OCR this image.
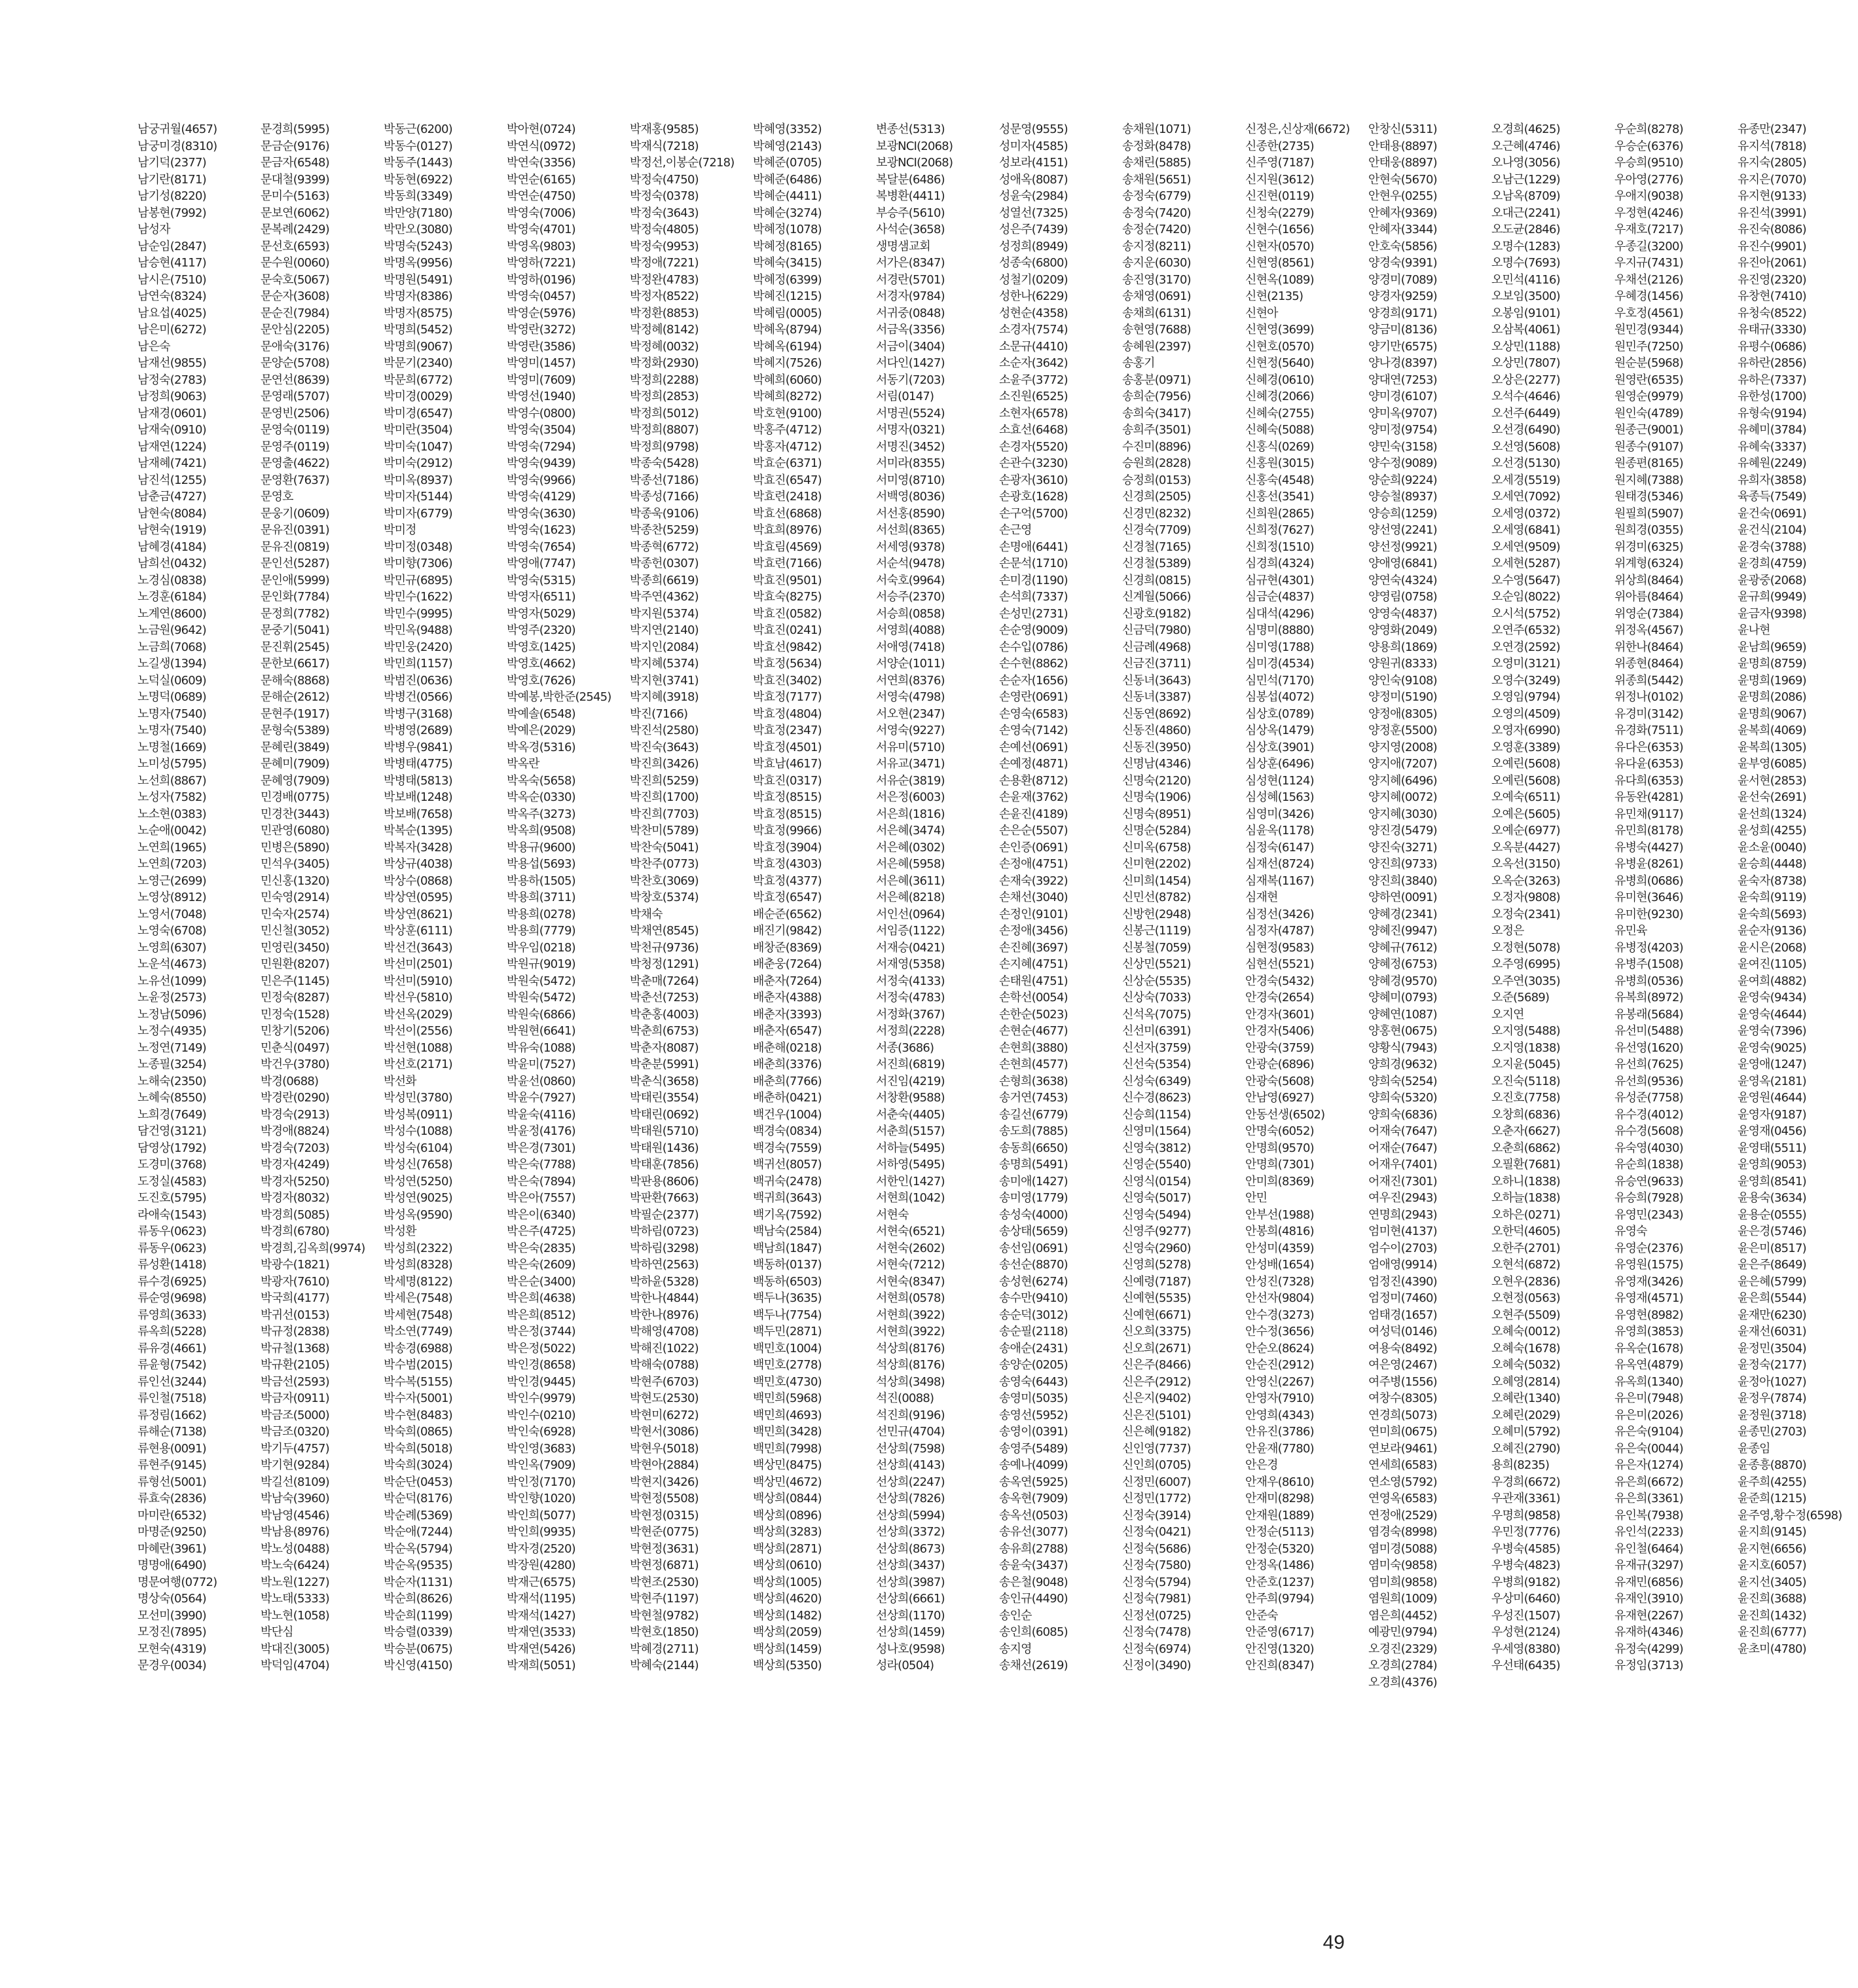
남궁귀월(4657)
남궁미경(8310)
남기덕(2377)
남기란(8171)
남기성(8220)
남봉현(7992)
남성자
남순임(2847)
남승현(4117)
남시은(7510)
남연숙(8324)
남요섭(4025)
남은미(6272)
남은숙
남재선(9855)
남정숙(2783)
남정희(9063)
남재경(0601)
남재숙(0910)
남재연(1224)
남재혜(7421)
남진석(1255)
남춘금(4727)
남현숙(8084)
남현숙(1919)
남혜경(4184)
남희선(0432)
노경심(0838)
노경훈(6184)
노계연(8600)
노금원(9642)
노금희(7068)
노길생(1394)
노덕실(0609)
노명덕(0689)
노명자(7540)
노명자(7540)
노명철(1669)
노미성(5795)
노선희(8867)
노성자(7582)
노소현(0383)
노순애(0042)
노연희(1965)
노연희(7203)
노영근(2699)
노영상(8912)
노영서(7048)
노영숙(6708)
노영희(6307)
노운석(4673)
노유선(1099)
노윤정(2573)
노정남(5096)
노정수(4935)
노정연(7149)
노종필(3254)
노해숙(2350)
노혜숙(8550)
노희경(7649)
담건영(3121)
담영상(1792)
도경미(3768)
도정실(4583)
도진호(5795)
라애숙(1543)
류동우(0623)
류동우(0623)
류성환(1418)
류수경(6925)
류순영(9698)
류영희(3633)
류옥희(5228)
류유경(4661)
류윤형(7542)
류인선(3244)
류인철(7518)
류정림(1662)
류해순(7138)
류현용(0091)
류현주(9145)
류형선(5001)
류효숙(2836)
마미란(6532)
마명준(9250)
마혜란(3961)
명명애(6490)
명문여행(0772)
명상숙(0564)
모선미(3990)
모정진(7895)
모현숙(4319)
문경우(0034)
문경희(5995)
문금순(9176)
문금자(6548)
문대철(9399)
문미수(5163)
문보연(6062)
문복례(2429)
문선호(6593)
문수원(0060)
문숙호(5067)
문순자(3608)
문순진(7984)
문안심(2205)
문애숙(3176)
문양순(5708)
문연선(8639)
문영래(5707)
문영빈(2506)
문영숙(0119)
문영주(0119)
문영출(4622)
문영환(7637)
문영호
문웅기(0609)
문유진(0391)
문유진(0819)
문인선(5287)
문인애(5999)
문인화(7784)
문정희(7782)
문중기(5041)
문진휘(2545)
문한보(6617)
문해숙(8868)
문해순(2612)
문현주(1917)
문형숙(5389)
문혜린(3849)
문혜미(7909)
문혜영(7909)
민경배(0775)
민경찬(3443)
민관영(6080)
민병은(5890)
민석우(3405)
민신홍(1320)
민숙영(2914)
민숙자(2574)
민신철(3052)
민영린(3450)
민원환(8207)
민은주(1145)
민정숙(8287)
민정숙(1528)
민창기(5206)
민춘식(0497)
박건우(3780)
박경(0688)
박경란(0290)
박경숙(2913)
박경애(8824)
박경숙(7203)
박경자(4249)
박경자(5250)
박경자(8032)
박경희(5085)
박경희(6780)
박경희,김옥희(9974)
박광수(1821)
박광자(7610)
박국희(4177)
박귀선(0153)
박규정(2838)
박규철(1368)
박규환(2105)
박금선(2593)
박금자(0911)
박금조(5000)
박금조(0320)
박기두(4757)
박기현(9284)
박길선(8109)
박남숙(3960)
박남영(4546)
박남용(8976)
박노성(0488)
박노숙(6424)
박노원(1227)
박노태(5333)
박노현(1058)
박단심
박대진(3005)
박덕임(4704)
박동근(6200)
박동수(0127)
박동주(1443)
박동현(6922)
박동희(3349)
박만양(7180)
박만오(3080)
박명숙(5243)
박명옥(9956)
박명원(5491)
박명자(8386)
박명자(8575)
박명희(5452)
박명희(9067)
박문기(2340)
박문희(6772)
박미경(0029)
박미경(6547)
박미란(3504)
박미숙(1047)
박미숙(2912)
박미옥(8937)
박미자(5144)
박미자(6779)
박미정
박미정(0348)
박미향(7306)
박민규(6895)
박민수(1622)
박민수(9995)
박민옥(9488)
박민웅(2420)
박민희(1157)
박범진(0636)
박병건(0566)
박병구(3168)
박병영(2689)
박병우(9841)
박병태(4775)
박병태(5813)
박보배(1248)
박보배(7658)
박복순(1395)
박복자(3428)
박상규(4038)
박상수(0868)
박상연(0595)
박상연(8621)
박상훈(6111)
박선건(3643)
박선미(2501)
박선미(5910)
박선우(5810)
박선옥(2029)
박선이(2556)
박선현(1088)
박선호(2171)
박선화
박성민(3780)
박성복(0911)
박성수(1088)
박성숙(6104)
박성신(7658)
박성연(5250)
박성연(9025)
박성옥(9590)
박성환
박성희(2322)
박성희(8328)
박세명(8122)
박세은(7548)
박세현(7548)
박소연(7749)
박송경(6988)
박수범(2015)
박수복(5155)
박수자(5001)
박수현(8483)
박숙희(0865)
박숙희(5018)
박숙희(3024)
박순단(0453)
박순덕(8176)
박순례(5369)
박순애(7244)
박순옥(5794)
박순옥(9535)
박순자(1131)
박순희(8626)
박순희(1199)
박승렬(0339)
박승분(0675)
박신영(4150)
박아현(0724)
박연식(0972)
박연숙(3356)
박연순(6165)
박연순(4750)
박영숙(7006)
박영숙(4701)
박영옥(9803)
박영하(7221)
박영하(0196)
박영숙(0457)
박영순(5976)
박영란(3272)
박영란(3586)
박영미(1457)
박영미(7609)
박영선(1940)
박영수(0800)
박영숙(3504)
박영숙(7294)
박영숙(9439)
박영숙(9966)
박영숙(4129)
박영숙(3630)
박영숙(1623)
박영숙(7654)
박영애(7747)
박영숙(5315)
박영자(6511)
박영자(5029)
박영주(2320)
박영호(1425)
박영호(4662)
박영호(7626)
박예봉,박한준(2545)
박예솔(6548)
박예은(2029)
박옥경(5316)
박옥란
박옥숙(5658)
박옥순(0330)
박옥주(3273)
박옥희(9508)
박용규(9600)
박용섭(5693)
박용하(1505)
박용희(3711)
박용희(0278)
박용희(7779)
박우임(0218)
박원규(9019)
박원숙(5472)
박원숙(5472)
박원숙(6866)
박원현(6641)
박유숙(1088)
박윤미(7527)
박윤선(0860)
박윤수(7927)
박윤숙(4116)
박윤정(4176)
박은경(7301)
박은숙(7788)
박은숙(7894)
박은아(7557)
박은이(6340)
박은주(4725)
박은숙(2835)
박은숙(2609)
박은순(3400)
박은희(4638)
박은희(8512)
박은정(3744)
박은정(5022)
박인경(8658)
박인경(9445)
박인수(9979)
박인수(0210)
박인숙(6928)
박인영(3683)
박인옥(7909)
박인정(7170)
박인향(1020)
박인희(5077)
박인희(9935)
박자경(2520)
박장원(4280)
박재근(6575)
박재석(1195)
박재석(1427)
박재연(3533)
박재연(5426)
박재희(5051)
박재홍(9585)
박재식(7218)
박정선,이봉순(7218)
박정숙(4750)
박정숙(0378)
박정숙(3643)
박정숙(4805)
박정숙(9953)
박정애(7221)
박정완(4783)
박정자(8522)
박정환(8853)
박정혜(8142)
박정혜(0032)
박정화(2930)
박정희(2288)
박정희(2853)
박정희(5012)
박정희(8807)
박정희(9798)
박종숙(5428)
박종선(7186)
박종성(7166)
박종욱(9106)
박종찬(5259)
박종혁(6772)
박종헌(0307)
박종희(6619)
박주연(4362)
박지원(5374)
박지연(2140)
박지인(2084)
박지혜(5374)
박지현(3741)
박지혜(3918)
박진(7166)
박진석(2580)
박진숙(3643)
박진희(3426)
박진희(5259)
박진희(1700)
박진희(7703)
박찬미(5789)
박찬숙(5041)
박찬주(0773)
박찬호(3069)
박창호(5374)
박채숙
박채연(8545)
박천규(9736)
박청정(1291)
박춘매(7264)
박춘선(7253)
박춘홍(4003)
박춘희(6753)
박춘자(8087)
박춘분(5991)
박춘식(3658)
박태린(3554)
박태린(0692)
박태원(5710)
박태원(1436)
박태훈(7856)
박판용(8606)
박판환(7663)
박필순(2377)
박하림(0723)
박하림(3298)
박하연(2563)
박하윤(5328)
박한나(4844)
박한나(8976)
박해영(4708)
박해진(1022)
박해숙(0788)
박현주(6703)
박현도(2530)
박현미(6272)
박현서(3086)
박현우(5018)
박현아(2884)
박현지(3426)
박현정(5508)
박현정(0315)
박현준(0775)
박현정(3631)
박현정(6871)
박현조(2530)
박현주(1197)
박현철(9782)
박현호(1850)
박혜경(2711)
박혜숙(2144)
박혜영(3352)
박혜영(2143)
박혜준(0705)
박혜준(6486)
박혜순(4411)
박혜순(3274)
박혜정(1078)
박혜정(8165)
박혜숙(3415)
박혜정(6399)
박혜진(1215)
박혜림(0005)
박혜옥(8794)
박혜옥(6194)
박혜지(7526)
박혜희(6060)
박혜희(8272)
박호현(9100)
박홍주(4712)
박홍자(4712)
박효순(6371)
박효진(6547)
박효련(2418)
박효선(6868)
박효희(8976)
박효림(4569)
박효련(7166)
박효진(9501)
박효숙(8275)
박효진(0582)
박효진(0241)
박효선(9842)
박효정(5634)
박효진(3402)
박효정(7177)
박효정(4804)
박효정(2347)
박효정(4501)
박효남(4617)
박효진(0317)
박효정(8515)
박효정(8515)
박효정(9966)
박효정(3904)
박효정(4303)
박효정(4377)
박효정(6547)
배순준(6562)
배진기(9842)
배창준(8369)
배춘웅(7264)
배춘자(7264)
배춘자(4388)
배춘자(3393)
배춘자(6547)
배춘해(0218)
배춘희(3376)
배춘희(7766)
배춘하(0421)
백건우(1004)
백경숙(0834)
백경숙(7559)
백귀선(8057)
백귀숙(2478)
백귀희(3643)
백기옥(7592)
백남숙(2584)
백남희(1847)
백동하(0137)
백동하(6503)
백두나(3635)
백두나(7754)
백두민(2871)
백민호(1004)
백민호(2778)
백민호(4730)
백민희(5968)
백민희(4693)
백민희(3428)
백민희(7998)
백상민(8475)
백상민(4672)
백상희(0844)
백상희(0896)
백상희(3283)
백상희(2871)
백상희(0610)
백상희(1005)
백상희(4620)
백상희(1482)
백상희(2059)
백상희(1459)
백상희(5350)
변종선(5313)
보광NCI(2068)
보광NCI(2068)
복달분(6486)
복병환(4411)
부승주(5610)
사석순(3658)
생명샘교회
서가은(8347)
서경란(5701)
서경자(9784)
서귀중(0848)
서금옥(3356)
서금이(3404)
서다인(1427)
서동기(7203)
서림(0147)
서명권(5524)
서명자(0321)
서명진(3452)
서미라(8355)
서미영(8710)
서백영(8036)
서선홍(8590)
서선희(8365)
서세영(9378)
서순석(9478)
서숙호(9964)
서승주(2370)
서승희(0858)
서영희(4088)
서애영(7418)
서양순(1011)
서연희(8376)
서영숙(4798)
서오현(2347)
서영숙(9227)
서유미(5710)
서유교(3471)
서유순(3819)
서은정(6003)
서은희(1816)
서은혜(3474)
서은혜(0302)
서은혜(5958)
서은혜(3611)
서은혜(8218)
서인선(0964)
서임증(1122)
서재승(0421)
서재영(5358)
서정숙(4133)
서정숙(4783)
서정화(3767)
서정희(2228)
서종(3686)
서진희(6819)
서진임(4219)
서창환(9588)
서춘숙(4405)
서춘희(5157)
서하늘(5495)
서하영(5495)
서한인(1427)
서현희(1042)
서현숙
서현숙(6521)
서현숙(2602)
서현숙(7212)
서현숙(8347)
서현희(0578)
서현희(3922)
서현희(3922)
석상희(8176)
석상희(8176)
석상희(3498)
석진(0088)
석진희(9196)
선민규(4704)
선상희(7598)
선상희(4143)
선상희(2247)
선상희(7826)
선상희(5994)
선상희(3372)
선상희(8673)
선상희(3437)
선상희(3987)
선상희(6661)
선상희(1170)
선상희(1459)
성나호(9598)
성라(0504)
성문영(9555)
성미자(4585)
성보라(4151)
성애옥(8087)
성윤숙(2984)
성열선(7325)
성은주(7439)
성정희(8949)
성종숙(6800)
성철기(0209)
성한나(6229)
성현순(4358)
소경자(7574)
소문규(4410)
소순자(3642)
소윤주(3772)
소진원(6525)
소현자(6578)
소효선(6468)
손경자(5520)
손관수(3230)
손광자(3610)
손광호(1628)
손구억(5700)
손근영
손명애(6441)
손문석(1710)
손미경(1190)
손석희(7337)
손성민(2731)
손순영(9009)
손수입(0786)
손수현(8862)
손순자(1656)
손영란(0691)
손영숙(6583)
손영숙(7142)
손예선(0691)
손예정(4871)
손용환(8712)
손윤재(3762)
손윤진(4189)
손은순(5507)
손인증(0691)
손정애(4751)
손재숙(3922)
손채선(3040)
손정인(9101)
손정애(3456)
손진혜(3697)
손지혜(4751)
손태원(4751)
손학선(0054)
손한순(5023)
손현순(4677)
손현희(3880)
손현희(4577)
손형희(3638)
송거연(7453)
송길선(6779)
송도희(7885)
송동희(6650)
송명희(5491)
송미애(1427)
송미영(1779)
송성숙(4000)
송상태(5659)
송선임(0691)
송선순(8870)
송성현(6274)
송수만(9410)
송순덕(3012)
송순필(2118)
송애순(2431)
송양순(0205)
송영숙(6443)
송영미(5035)
송영선(5952)
송영이(0391)
송영주(5489)
송예나(4099)
송옥연(5925)
송옥현(7909)
송옥선(0503)
송유선(3077)
송유희(2788)
송윤숙(3437)
송은철(9048)
송인규(4490)
송인순
송인희(6085)
송지영
송채선(2619)
송채원(1071)
송정화(8478)
송채린(5885)
송채원(5651)
송정숙(6779)
송정숙(7420)
송정순(7420)
송지정(8211)
송지운(6030)
송진영(3170)
송채영(0691)
송채희(6131)
송현영(7688)
송혜원(2397)
송홍기
송홍분(0971)
송희순(7956)
송희숙(3417)
송희주(3501)
수진미(8896)
승원희(2828)
승정희(0153)
신경희(2505)
신경민(8232)
신경숙(7709)
신경철(7165)
신경철(5389)
신경희(0815)
신계월(5066)
신광호(9182)
신금덕(7980)
신금례(4968)
신금진(3711)
신동녀(3643)
신동녀(3387)
신동연(8692)
신동진(4860)
신동진(3950)
신명남(4346)
신명숙(2120)
신명숙(1906)
신명숙(8951)
신명순(5284)
신미옥(6758)
신미현(2202)
신미희(1454)
신민선(8782)
신방헌(2948)
신봉근(1119)
신봉철(7059)
신상민(5521)
신상순(5535)
신상숙(7033)
신석옥(7075)
신선미(6391)
신선자(3759)
신선숙(5354)
신성숙(6349)
신수경(8623)
신승희(1154)
신영미(1564)
신영숙(3812)
신영순(5540)
신영식(0154)
신영숙(5017)
신영숙(5494)
신영주(9277)
신영숙(2960)
신영희(5278)
신예령(7187)
신예현(5535)
신예현(6671)
신오희(3375)
신오희(2671)
신은주(8466)
신은주(2912)
신은지(9402)
신은진(5101)
신은혜(9182)
신인영(7737)
신인희(0705)
신정민(6007)
신정민(1772)
신정숙(3914)
신정숙(0421)
신정숙(5686)
신정숙(7580)
신정숙(5794)
신정숙(7981)
신정선(0725)
신정숙(7478)
신정숙(6974)
신정이(3490)
신정은,신상재(6672)
신종한(2735)
신주영(7187)
신지원(3612)
신진현(0119)
신청숙(2279)
신현수(1656)
신현자(0570)
신현영(8561)
신현옥(1089)
신현(2135)
신현아
신현영(3699)
신현호(0570)
신현정(5640)
신혜경(0610)
신혜경(2066)
신혜숙(2755)
신혜숙(5088)
신홍식(0269)
신홍원(3015)
신홍숙(4548)
신홍선(3541)
신희원(2865)
신희정(7627)
신희정(1510)
심경희(4324)
심규현(4301)
심금순(4837)
심대석(4296)
심명미(8880)
심미영(1788)
심미경(4534)
심민석(7170)
심봉섭(4072)
심상호(0789)
심상옥(1479)
심상호(3901)
심상훈(6496)
심성현(1124)
심성혜(1563)
심영미(3426)
심윤옥(1178)
심정숙(6147)
심재선(8724)
심재복(1167)
심재현
심정선(3426)
심정자(4787)
심현정(9583)
심현선(5521)
안경숙(5432)
안경숙(2654)
안경자(3601)
안경자(5406)
안광숙(3759)
안광순(6896)
안광숙(5608)
안남영(6927)
안동선생(6502)
안명숙(6052)
안명희(9570)
안명희(7301)
안미희(8369)
안민
안부선(1988)
안봉희(4816)
안성미(4359)
안성배(1654)
안성진(7328)
안선자(9804)
안수경(3273)
안수정(3656)
안순오(8624)
안순진(2912)
안영신(2267)
안영자(7910)
안영희(4343)
안유진(3786)
안윤재(7780)
안은경
안재우(8610)
안재미(8298)
안재원(1889)
안정순(5113)
안정순(5320)
안정옥(1486)
안준호(1237)
안주희(9794)
안준숙
안준영(6717)
안진영(1320)
안진희(8347)
안창신(5311)
안태용(8897)
안태웅(8897)
안현숙(5670)
안현우(0255)
안혜자(9369)
안혜자(3344)
안호숙(5856)
양경숙(9391)
양경미(7089)
양경자(9259)
양경희(9171)
양금미(8136)
양기만(6575)
양나경(8397)
양대연(7253)
양미경(6107)
양미옥(9707)
양미정(9754)
양민숙(3158)
양수정(9089)
양순희(9224)
양승철(8937)
양승희(1259)
양선영(2241)
양선정(9921)
양애영(6841)
양연숙(4324)
양영림(0758)
양영숙(4837)
양영화(2049)
양용희(1869)
양원귀(8333)
양인숙(9108)
양정미(5190)
양정애(8305)
양정훈(5500)
양지영(2008)
양지애(7207)
양지혜(6496)
양지혜(0072)
양지혜(3030)
양진경(5479)
양진숙(3271)
양진희(9733)
양진희(3840)
양하연(0091)
양혜경(2341)
양혜진(9947)
양혜규(7612)
양혜정(6753)
양혜경(9570)
양혜미(0793)
양혜연(1087)
양홍현(0675)
양황식(7943)
양희경(9632)
양희숙(5254)
양희숙(5320)
양희숙(6836)
어재숙(7647)
어재순(7647)
어재우(7401)
어재진(7301)
여우진(2943)
연명희(2943)
엄미현(4137)
엄수이(2703)
엄애영(9914)
엄정진(4390)
엄정미(7460)
엄태경(1657)
여성덕(0146)
여용숙(8492)
여은영(2467)
여주병(1556)
여창수(8305)
연경희(5073)
연미희(0675)
연보라(9461)
연세희(6583)
연소영(5792)
연영옥(6583)
연정애(2529)
염경숙(8998)
염미경(5088)
염미숙(9858)
염미희(9858)
염원희(1009)
염은희(4452)
예광민(9794)
오경진(2329)
오경희(2784)
오경희(4376)
오경희(4625)
오근혜(4746)
오나영(3056)
오남근(1229)
오남옥(8709)
오대근(2241)
오도균(2846)
오명수(1283)
오명수(7693)
오민석(4116)
오보임(3500)
오봉임(9101)
오삼복(4061)
오상민(1188)
오상민(7807)
오상은(2277)
오석수(4646)
오선주(6449)
오선경(6490)
오선영(5608)
오선경(5130)
오세경(5519)
오세연(7092)
오세영(0372)
오세영(6841)
오세연(9509)
오세현(5287)
오수영(5647)
오순임(8022)
오시석(5752)
오연주(6532)
오연경(2592)
오영미(3121)
오영수(3249)
오영임(9794)
오영의(4509)
오영자(6990)
오영훈(3389)
오예린(5608)
오예린(5608)
오예숙(6511)
오예은(5605)
오예순(6977)
오옥분(4427)
오옥선(3150)
오옥순(3263)
오정자(9808)
오정숙(2341)
오정은
오정현(5078)
오주영(6995)
오주연(3035)
오준(5689)
오지연
오지영(5488)
오지영(1838)
오지윤(5045)
오진숙(5118)
오진호(7758)
오창희(6836)
오춘자(6627)
오춘희(6862)
오필환(7681)
오하니(1838)
오하늘(1838)
오하은(0271)
오한덕(4605)
오한주(2701)
오현석(6872)
오현우(2836)
오현정(0563)
오현주(5509)
오혜숙(0012)
오혜숙(1678)
오혜숙(5032)
오혜영(2814)
오혜란(1340)
오혜린(2029)
오혜미(5792)
오혜진(2790)
용희(8235)
우경희(6672)
우관재(3361)
우명희(9858)
우민정(7776)
우병숙(4585)
우병숙(4823)
우병희(9182)
우상미(6460)
우성진(1507)
우성현(2124)
우세영(8380)
우선태(6435)
우순희(8278)
우승순(6376)
우승희(9510)
우아영(2776)
우애지(9038)
우정현(4246)
우재호(7217)
우종길(3200)
우지규(7431)
우채선(2126)
우혜경(1456)
우호정(4561)
원민경(9344)
원민주(7250)
원순분(5968)
원영란(6535)
원영순(9979)
원인숙(4789)
원종근(9001)
원종수(9107)
원종편(8165)
원지혜(7388)
원태경(5346)
원필희(5907)
원희경(0355)
위경미(6325)
위계형(6324)
위상희(8464)
위아름(8464)
위영순(7384)
위정옥(4567)
위한나(8464)
위종현(8464)
위종희(5442)
위정나(0102)
유경미(3142)
유경화(7511)
유다은(6353)
유다윤(6353)
유다희(6353)
유동완(4281)
유민채(9117)
유민희(8178)
유병숙(4427)
유병윤(8261)
유병희(0686)
유미현(3646)
유미한(9230)
유민육
유병정(4203)
유병주(1508)
유병희(0536)
유복희(8972)
유봉래(5684)
유선미(5488)
유선영(1620)
유선희(7625)
유선희(9536)
유성준(7758)
유수경(4012)
유수경(5608)
유숙영(4030)
유순희(1838)
유승연(9633)
유승희(7928)
유영민(2343)
유영숙
유영순(2376)
유영원(1575)
유영재(3426)
유영재(4571)
유영현(8982)
유영희(3853)
유옥순(1678)
유옥연(4879)
유옥희(1340)
유은미(7948)
유은미(2026)
유은숙(9104)
유은숙(0044)
유은자(1274)
유은희(6672)
유은희(3361)
유인복(7938)
유인석(2233)
유인철(6464)
유재규(3297)
유재민(6856)
유재인(3910)
유재현(2267)
유재하(4346)
유정숙(4299)
유정임(3713)
유종만(2347)
유지석(7818)
유지숙(2805)
유지은(7070)
유지현(9133)
유진석(3991)
유진숙(8086)
유진수(9901)
유진아(2061)
유진영(2320)
유창현(7410)
유청숙(8522)
유태규(3330)
유평수(0686)
유하란(2856)
유하은(7337)
유한성(1700)
유형숙(9194)
유혜미(3784)
유혜숙(3337)
유혜원(2249)
유희자(3858)
육종득(7549)
윤건숙(0691)
윤건식(2104)
윤경숙(3788)
윤경희(4759)
윤광중(2068)
윤규희(9949)
윤금자(9398)
윤나현
윤남희(9659)
윤명희(8759)
윤명희(1969)
윤명희(2086)
윤명희(9067)
윤복희(4069)
윤복희(1305)
윤부영(6085)
윤서현(2853)
윤선숙(2691)
윤선희(1324)
윤성희(4255)
윤소윤(0040)
윤승희(4448)
윤숙자(8738)
윤숙희(9119)
윤숙희(5693)
윤순자(9136)
윤시은(2068)
윤여진(1105)
윤여희(4882)
윤영숙(9434)
윤영숙(4644)
윤영숙(7396)
윤영숙(9025)
윤영애(1247)
윤영옥(2181)
윤영원(4644)
윤영자(9187)
윤영재(0456)
윤영태(5511)
윤영희(9053)
윤영희(8541)
윤용숙(3634)
윤용순(0555)
윤은경(5746)
윤은미(8517)
윤은주(8649)
윤은혜(5799)
윤은희(5544)
윤재만(6230)
윤재선(6031)
윤정민(3504)
윤정숙(2177)
윤정아(1027)
윤정우(7874)
윤정원(3718)
윤종민(2703)
윤종임
윤종흥(8870)
윤주희(4255)
윤준희(1215)
윤주영,황수정(6598)
윤지희(9145)
윤지현(6656)
윤지호(6057)
윤지선(3405)
윤진희(3688)
윤진희(1432)
윤진희(6777)
윤초미(4780)
49
